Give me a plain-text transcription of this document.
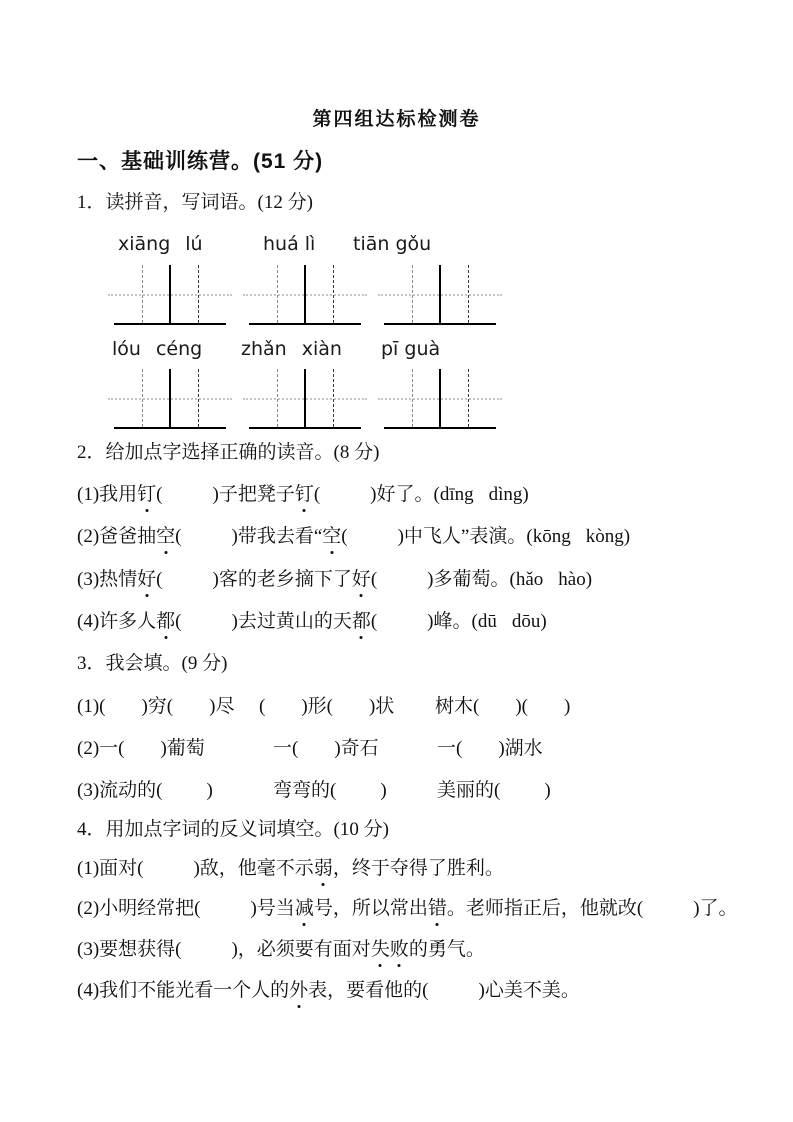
第四组达标检测卷
一、基础训练营。(51 分)
1．读拼音，写词语。(12 分)
xiāng lú	huá lì tiān gǒu
lóu céng zhǎn xiàn pī guà
2．给加点字选择正确的读音。(8 分)
(1)我用钉(	)子把凳子钉(	)好了。(dīng dìng)
(2)爸爸抽空(	)带我去看“空(	)中飞人”表演。(kōng kòng)
(3)热情好(	)客的老乡摘下了好(	)多葡萄。(hǎo hào)
(4)许多人都(	)去过黄山的天都(	)峰。(dū dōu)
3．我会填。(9 分)
(1)( )穷( )尽 ( )形( )状 树木( )( )
(2)一( )葡萄	一( )奇石	一( )湖水
(3)流动的( )	弯弯的( )	美丽的( )
4．用加点字词的反义词填空。(10 分)
(1)面对(	)敌，他毫不示弱，终于夺得了胜利。
(2)小明经常把(	)号当减号，所以常出错。老师指正后，他就改(	)了。
(3)要想获得(	)，必须要有面对失败的勇气。
(4)我们不能光看一个人的外表，要看他的(	)心美不美。
